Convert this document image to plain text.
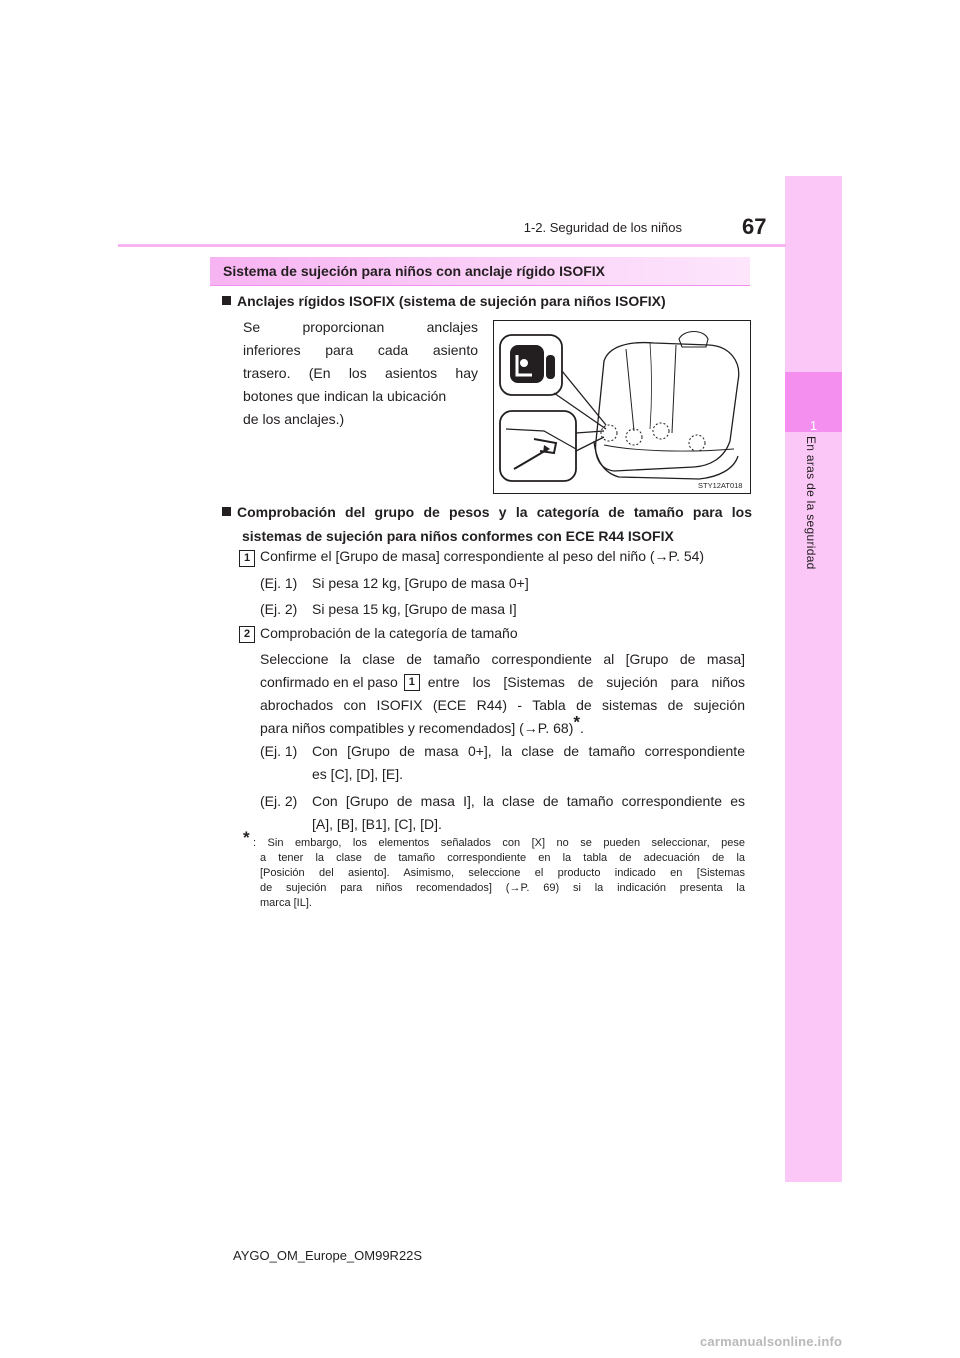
1
En aras de la seguridad
1-2. Seguridad de los niños	67
Sistema de sujeción para niños con anclaje rígido ISOFIX
Anclajes rígidos ISOFIX (sistema de sujeción para niños ISOFIX)
Se proporcionan anclajes
inferiores para cada asiento
trasero. (En los asientos hay
botones que indican la ubicación
de los anclajes.)
STY12AT018
Comprobación del grupo de pesos y la categoría de tamaño para los
sistemas de sujeción para niños conformes con ECE R44 ISOFIX
1 Confirme el [Grupo de masa] correspondiente al peso del niño (→P. 54)
(Ej. 1) Si pesa 12 kg, [Grupo de masa 0+]
(Ej. 2) Si pesa 15 kg, [Grupo de masa I]
2 Comprobación de la categoría de tamaño
Seleccione la clase de tamaño correspondiente al [Grupo de masa]
confirmado en el paso 1 entre los [Sistemas de sujeción para niños
abrochados con ISOFIX (ECE R44) - Tabla de sistemas de sujeción
para niños compatibles y recomendados] (→P. 68)*.
(Ej. 1) Con [Grupo de masa 0+], la clase de tamaño correspondiente
es [C], [D], [E].
(Ej. 2) Con [Grupo de masa I], la clase de tamaño correspondiente es
[A], [B], [B1], [C], [D].
* : Sin embargo, los elementos señalados con [X] no se pueden seleccionar, pese
a tener la clase de tamaño correspondiente en la tabla de adecuación de la
[Posición del asiento]. Asimismo, seleccione el producto indicado en [Sistemas
de sujeción para niños recomendados] (→P. 69) si la indicación presenta la
marca [IL].
AYGO_OM_Europe_OM99R22S
carmanualsonline.info
